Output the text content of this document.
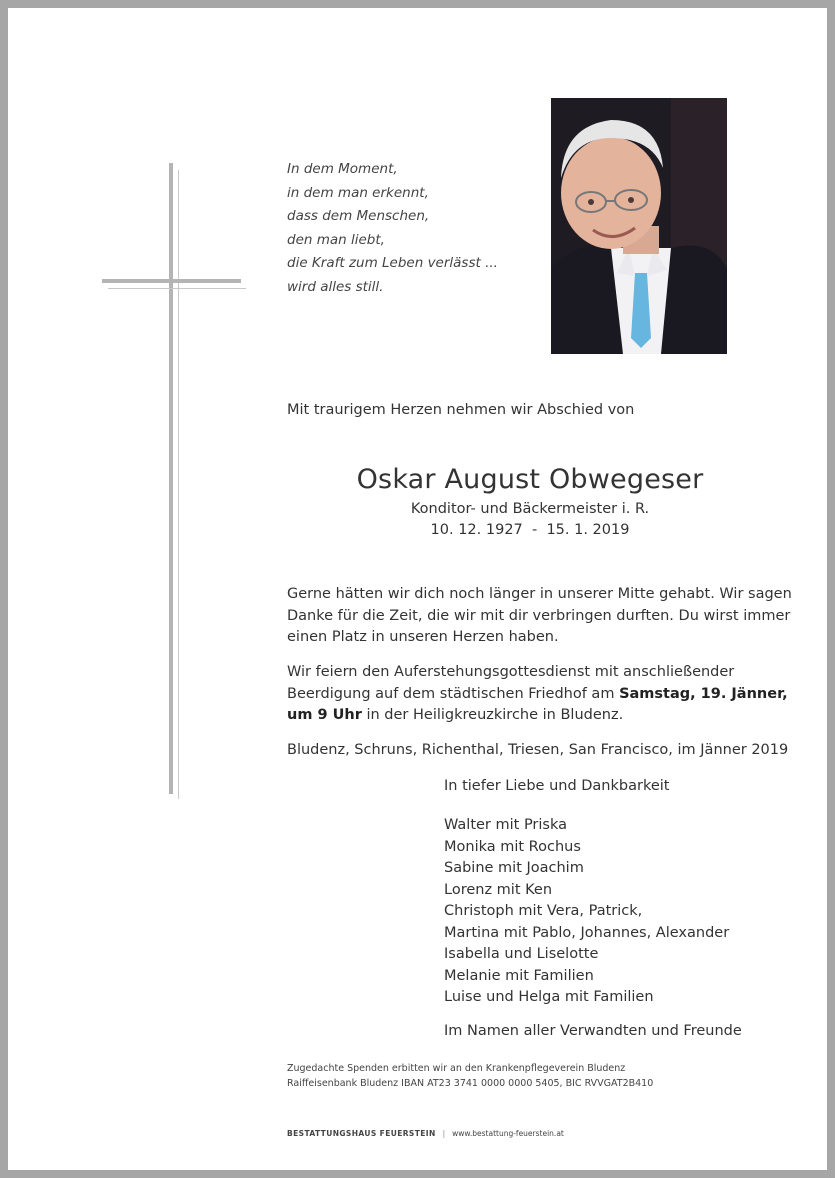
In dem Moment,
in dem man erkennt,
dass dem Menschen,
den man liebt,
die Kraft zum Leben verlässt ...
wird alles still.
Mit traurigem Herzen nehmen wir Abschied von
Oskar August Obwegeser
Konditor- und Bäckermeister i. R.
10. 12. 1927  -  15. 1. 2019
Gerne hätten wir dich noch länger in unserer Mitte gehabt. Wir sagen
Danke für die Zeit, die wir mit dir verbringen durften. Du wirst immer
einen Platz in unseren Herzen haben.
Wir feiern den Auferstehungsgottesdienst mit anschließender
Beerdigung auf dem städtischen Friedhof am Samstag, 19. Jänner,
um 9 Uhr in der Heiligkreuzkirche in Bludenz.
Bludenz, Schruns, Richenthal, Triesen, San Francisco, im Jänner 2019
In tiefer Liebe und Dankbarkeit
Walter mit Priska
Monika mit Rochus
Sabine mit Joachim
Lorenz mit Ken
Christoph mit Vera, Patrick,
Martina mit Pablo, Johannes, Alexander
Isabella und Liselotte
Melanie mit Familien
Luise und Helga mit Familien
Im Namen aller Verwandten und Freunde
Zugedachte Spenden erbitten wir an den Krankenpflegeverein Bludenz
Raiffeisenbank Bludenz IBAN AT23 3741 0000 0000 5405, BIC RVVGAT2B410
BESTATTUNGSHAUS FEUERSTEIN | www.bestattung-feuerstein.at
